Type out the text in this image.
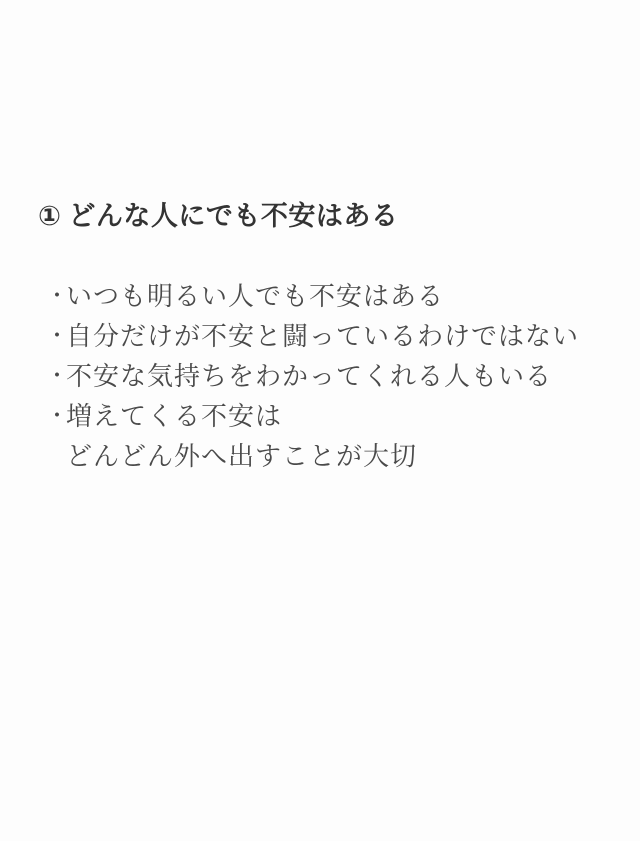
① どんな人にでも不安はある
・
いつも明るい人でも不安はある
・
自分だけが不安と闘っているわけではない
・
不安な気持ちをわかってくれる人もいる
・
増えてくる不安は
どんどん外へ出すことが大切
